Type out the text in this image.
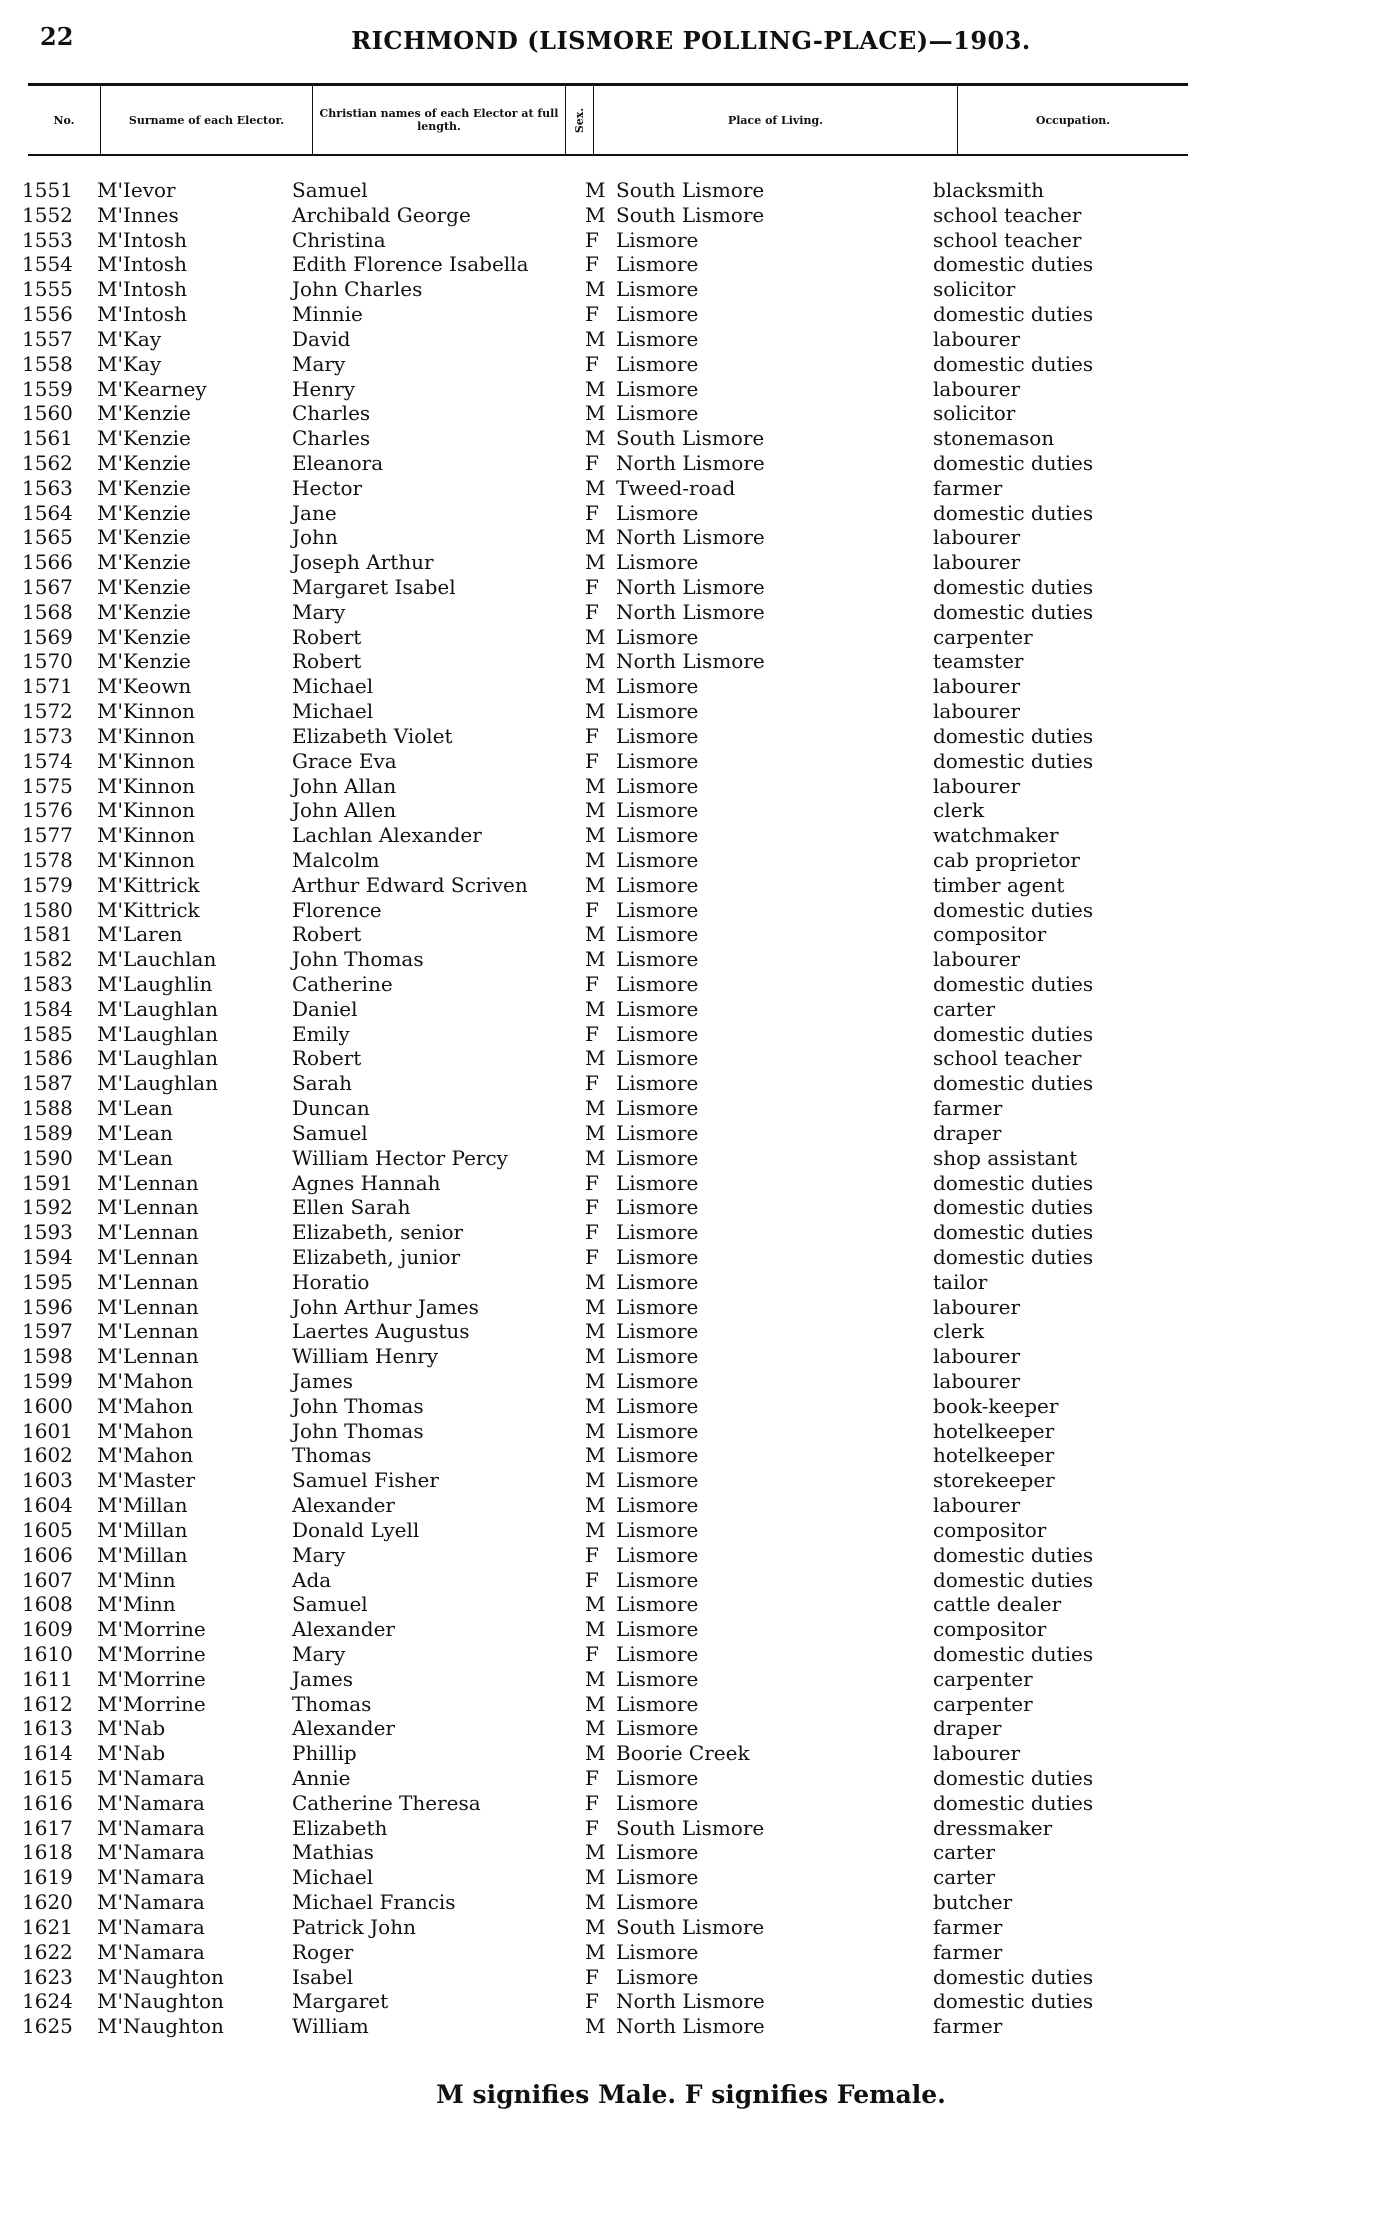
22	RICHMOND (LISMORE POLLING-PLACE)—1903.
No.	Surname of each Elector.	Christian names of each Elector at full length.	Sex.	Place of Living.	Occupation.
1551 M'Ievor	Samuel	M South Lismore	blacksmith
1552 M'Innes	Archibald George	M South Lismore	school teacher
1553 M'Intosh	Christina	F Lismore	school teacher
1554 M'Intosh	Edith Florence Isabella	F Lismore	domestic duties
1555 M'Intosh	John Charles	M Lismore	solicitor
1556 M'Intosh	Minnie	F Lismore	domestic duties
1557 M'Kay	David	M Lismore	labourer
1558 M'Kay	Mary	F Lismore	domestic duties
1559 M'Kearney	Henry	M Lismore	labourer
1560 M'Kenzie	Charles	M Lismore	solicitor
1561 M'Kenzie	Charles	M South Lismore	stonemason
1562 M'Kenzie	Eleanora	F North Lismore	domestic duties
1563 M'Kenzie	Hector	M Tweed-road	farmer
1564 M'Kenzie	Jane	F Lismore	domestic duties
1565 M'Kenzie	John	M North Lismore	labourer
1566 M'Kenzie	Joseph Arthur	M Lismore	labourer
1567 M'Kenzie	Margaret Isabel	F North Lismore	domestic duties
1568 M'Kenzie	Mary	F North Lismore	domestic duties
1569 M'Kenzie	Robert	M Lismore	carpenter
1570 M'Kenzie	Robert	M North Lismore	teamster
1571 M'Keown	Michael	M Lismore	labourer
1572 M'Kinnon	Michael	M Lismore	labourer
1573 M'Kinnon	Elizabeth Violet	F Lismore	domestic duties
1574 M'Kinnon	Grace Eva	F Lismore	domestic duties
1575 M'Kinnon	John Allan	M Lismore	labourer
1576 M'Kinnon	John Allen	M Lismore	clerk
1577 M'Kinnon	Lachlan Alexander	M Lismore	watchmaker
1578 M'Kinnon	Malcolm	M Lismore	cab proprietor
1579 M'Kittrick	Arthur Edward Scriven	M Lismore	timber agent
1580 M'Kittrick	Florence	F Lismore	domestic duties
1581 M'Laren	Robert	M Lismore	compositor
1582 M'Lauchlan	John Thomas	M Lismore	labourer
1583 M'Laughlin	Catherine	F Lismore	domestic duties
1584 M'Laughlan	Daniel	M Lismore	carter
1585 M'Laughlan	Emily	F Lismore	domestic duties
1586 M'Laughlan	Robert	M Lismore	school teacher
1587 M'Laughlan	Sarah	F Lismore	domestic duties
1588 M'Lean	Duncan	M Lismore	farmer
1589 M'Lean	Samuel	M Lismore	draper
1590 M'Lean	William Hector Percy	M Lismore	shop assistant
1591 M'Lennan	Agnes Hannah	F Lismore	domestic duties
1592 M'Lennan	Ellen Sarah	F Lismore	domestic duties
1593 M'Lennan	Elizabeth, senior	F Lismore	domestic duties
1594 M'Lennan	Elizabeth, junior	F Lismore	domestic duties
1595 M'Lennan	Horatio	M Lismore	tailor
1596 M'Lennan	John Arthur James	M Lismore	labourer
1597 M'Lennan	Laertes Augustus	M Lismore	clerk
1598 M'Lennan	William Henry	M Lismore	labourer
1599 M'Mahon	James	M Lismore	labourer
1600 M'Mahon	John Thomas	M Lismore	book-keeper
1601 M'Mahon	John Thomas	M Lismore	hotelkeeper
1602 M'Mahon	Thomas	M Lismore	hotelkeeper
1603 M'Master	Samuel Fisher	M Lismore	storekeeper
1604 M'Millan	Alexander	M Lismore	labourer
1605 M'Millan	Donald Lyell	M Lismore	compositor
1606 M'Millan	Mary	F Lismore	domestic duties
1607 M'Minn	Ada	F Lismore	domestic duties
1608 M'Minn	Samuel	M Lismore	cattle dealer
1609 M'Morrine	Alexander	M Lismore	compositor
1610 M'Morrine	Mary	F Lismore	domestic duties
1611 M'Morrine	James	M Lismore	carpenter
1612 M'Morrine	Thomas	M Lismore	carpenter
1613 M'Nab	Alexander	M Lismore	draper
1614 M'Nab	Phillip	M Boorie Creek	labourer
1615 M'Namara	Annie	F Lismore	domestic duties
1616 M'Namara	Catherine Theresa	F Lismore	domestic duties
1617 M'Namara	Elizabeth	F South Lismore	dressmaker
1618 M'Namara	Mathias	M Lismore	carter
1619 M'Namara	Michael	M Lismore	carter
1620 M'Namara	Michael Francis	M Lismore	butcher
1621 M'Namara	Patrick John	M South Lismore	farmer
1622 M'Namara	Roger	M Lismore	farmer
1623 M'Naughton	Isabel	F Lismore	domestic duties
1624 M'Naughton	Margaret	F North Lismore	domestic duties
1625 M'Naughton	William	M North Lismore	farmer
M signifies Male. F signifies Female.
